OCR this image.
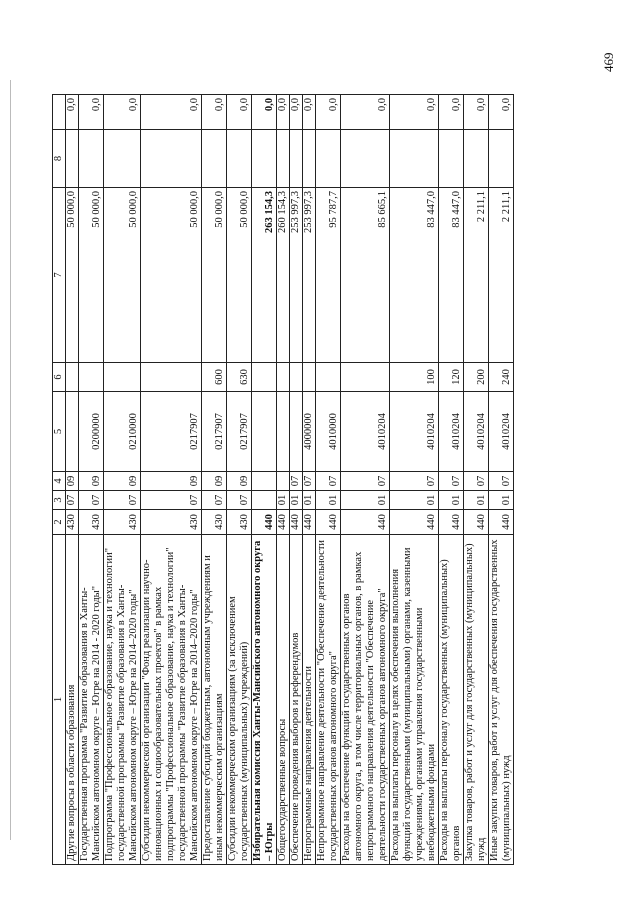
469
1	2	3	4	5	6	7	8	
Другие вопросы в области образования	430	07	09			50 000,0		0,0
Государственная программа "Развитие образования в Ханты-Мансийском автономном округе – Югре на 2014 - 2020 годы"	430	07	09	0200000		50 000,0		0,0
Подпрограмма "Профессиональное образование, наука и технологии" государственной программы "Развитие образования в Ханты-Мансийском автономном округе – Югре на 2014–2020 годы"	430	07	09	0210000		50 000,0		0,0
Субсидии некоммерческой организации "Фонд реализации научно-инновационных и социообразовательных проектов" в рамках подпрограммы "Профессиональное образование, наука и технологии" государственной программы "Развитие образования в Ханты-Мансийском автономном округе – Югре на 2014–2020 годы"	430	07	09	0217907		50 000,0		0,0
Предоставление субсидий бюджетным, автономным учреждениям и иным некоммерческим организациям	430	07	09	0217907	600	50 000,0		0,0
Субсидии некоммерческим организациям (за исключением государственных (муниципальных) учреждений)	430	07	09	0217907	630	50 000,0		0,0
Избирательная комиссия Ханты-Мансийского автономного округа – Югры	440					263 154,3		0,0
Общегосударственные вопросы	440	01				260 154,3		0,0
Обеспечение проведения выборов и референдумов	440	01	07			253 997,3		0,0
Непрограммные направления деятельности	440	01	07	4000000		253 997,3		0,0
Непрограммное направление деятельности "Обеспечение деятельности государственных органов автономного округа"	440	01	07	4010000		95 787,7		0,0
Расходы на обеспечение функций государственных органов автономного округа, в том числе территориальных органов, в рамках непрограммного направления деятельности "Обеспечение деятельности государственных органов автономного округа"	440	01	07	4010204		85 665,1		0,0
Расходы на выплаты персоналу в целях обеспечения выполнения функций государственными (муниципальными) органами, казенными учреждениями, органами управления государственными внебюджетными фондами	440	01	07	4010204	100	83 447,0		0,0
Расходы на выплаты персоналу государственных (муниципальных) органов	440	01	07	4010204	120	83 447,0		0,0
Закупка товаров, работ и услуг для государственных (муниципальных) нужд	440	01	07	4010204	200	2 211,1		0,0
Иные закупки товаров, работ и услуг для обеспечения государственных (муниципальных) нужд	440	01	07	4010204	240	2 211,1		0,0
